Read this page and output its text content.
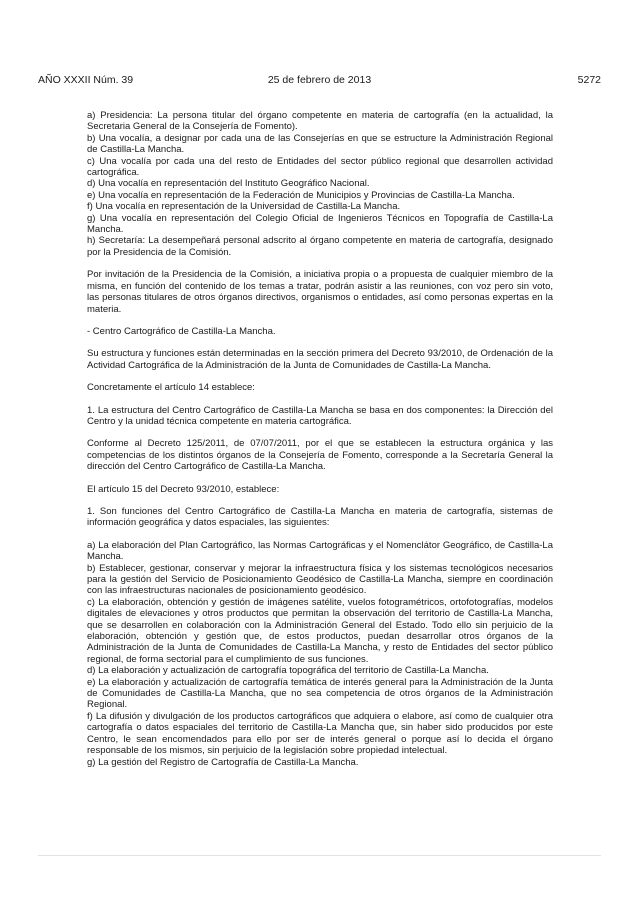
AÑO XXXII Núm. 39	25 de febrero de 2013	5272

a) Presidencia: La persona titular del órgano competente en materia de cartografía (en la actualidad, la Secretaria General de la Consejería de Fomento).

b) Una vocalía, a designar por cada una de las Consejerías en que se estructure la Administración Regional de Castilla-La Mancha.

c) Una vocalía por cada una del resto de Entidades del sector público regional que desarrollen actividad cartográfica.

d) Una vocalía en representación del Instituto Geográfico Nacional.

e) Una vocalía en representación de la Federación de Municipios y Provincias de Castilla-La Mancha.

f) Una vocalía en representación de la Universidad de Castilla-La Mancha.

g) Una vocalía en representación del Colegio Oficial de Ingenieros Técnicos en Topografía de Castilla-La Mancha.

h) Secretaría: La desempeñará personal adscrito al órgano competente en materia de cartografía, designado por la Presidencia de la Comisión.

Por invitación de la Presidencia de la Comisión, a iniciativa propia o a propuesta de cualquier miembro de la misma, en función del contenido de los temas a tratar, podrán asistir a las reuniones, con voz pero sin voto, las personas titulares de otros órganos directivos, organismos o entidades, así como personas expertas en la materia.

- Centro Cartográfico de Castilla-La Mancha.

Su estructura y funciones están determinadas en la sección primera del Decreto 93/2010, de Ordenación de la Actividad Cartográfica de la Administración de la Junta de Comunidades de Castilla-La Mancha.

Concretamente el artículo 14 establece:

1. La estructura del Centro Cartográfico de Castilla-La Mancha se basa en dos componentes: la Dirección del Centro y la unidad técnica competente en materia cartográfica.

Conforme al Decreto 125/2011, de 07/07/2011, por el que se establecen la estructura orgánica y las competencias de los distintos órganos de la Consejería de Fomento, corresponde a la Secretaría General la dirección del Centro Cartográfico de Castilla-La Mancha.

El artículo 15 del Decreto 93/2010, establece:

1. Son funciones del Centro Cartográfico de Castilla-La Mancha en materia de cartografía, sistemas de información geográfica y datos espaciales, las siguientes:

a) La elaboración del Plan Cartográfico, las Normas Cartográficas y el Nomenclátor Geográfico, de Castilla-La Mancha.

b) Establecer, gestionar, conservar y mejorar la infraestructura física y los sistemas tecnológicos necesarios para la gestión del Servicio de Posicionamiento Geodésico de Castilla-La Mancha, siempre en coordinación con las infraestructuras nacionales de posicionamiento geodésico.

c) La elaboración, obtención y gestión de imágenes satélite, vuelos fotogramétricos, ortofotografías, modelos digitales de elevaciones y otros productos que permitan la observación del territorio de Castilla-La Mancha, que se desarrollen en colaboración con la Administración General del Estado. Todo ello sin perjuicio de la elaboración, obtención y gestión que, de estos productos, puedan desarrollar otros órganos de la Administración de la Junta de Comunidades de Castilla-La Mancha, y resto de Entidades del sector público regional, de forma sectorial para el cumplimiento de sus funciones.

d) La elaboración y actualización de cartografía topográfica del territorio de Castilla-La Mancha.

e) La elaboración y actualización de cartografía temática de interés general para la Administración de la Junta de Comunidades de Castilla-La Mancha, que no sea competencia de otros órganos de la Administración Regional.

f) La difusión y divulgación de los productos cartográficos que adquiera o elabore, así como de cualquier otra cartografía o datos espaciales del territorio de Castilla-La Mancha que, sin haber sido producidos por este Centro, le sean encomendados para ello por ser de interés general o porque así lo decida el órgano responsable de los mismos, sin perjuicio de la legislación sobre propiedad intelectual.

g) La gestión del Registro de Cartografía de Castilla-La Mancha.
